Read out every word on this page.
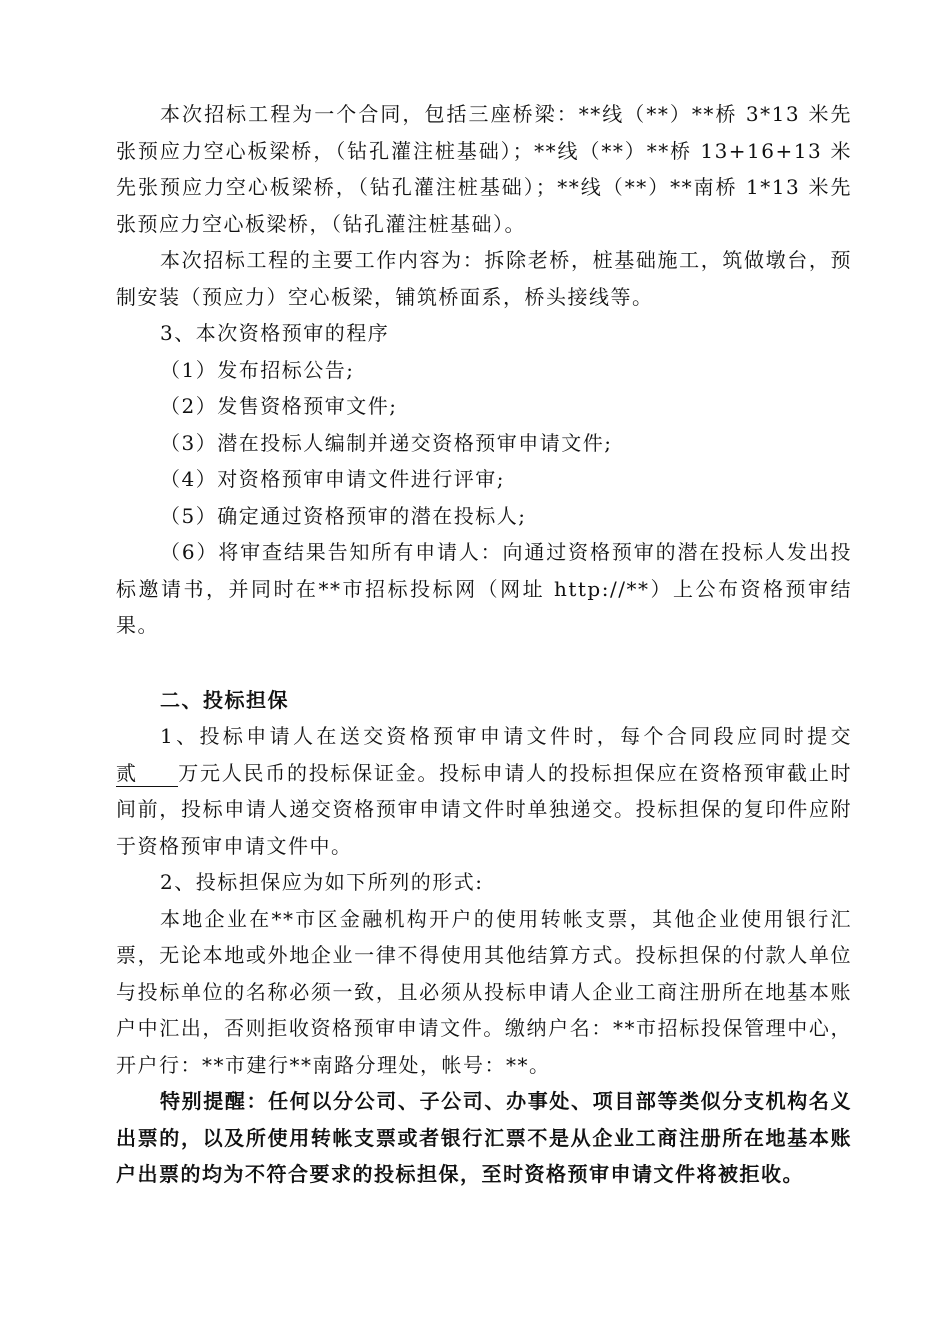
本次招标工程为一个合同，包括三座桥梁：**线（**）**桥 3*13 米先张预应力空心板梁桥，（钻孔灌注桩基础）；**线（**）**桥 13+16+13 米先张预应力空心板梁桥，（钻孔灌注桩基础）；**线（**）**南桥 1*13 米先张预应力空心板梁桥，（钻孔灌注桩基础）。

本次招标工程的主要工作内容为：拆除老桥，桩基础施工，筑做墩台，预制安装（预应力）空心板梁，铺筑桥面系，桥头接线等。

3、本次资格预审的程序

（1）发布招标公告;

（2）发售资格预审文件;

（3）潜在投标人编制并递交资格预审申请文件;

（4）对资格预审申请文件进行评审;

（5）确定通过资格预审的潜在投标人;

（6）将审查结果告知所有申请人：向通过资格预审的潜在投标人发出投标邀请书，并同时在**市招标投标网（网址 http://**）上公布资格预审结果。

二、投标担保

1、投标申请人在送交资格预审申请文件时，每个合同段应同时提交贰 万元人民币的投标保证金。投标申请人的投标担保应在资格预审截止时间前，投标申请人递交资格预审申请文件时单独递交。投标担保的复印件应附于资格预审申请文件中。

2、投标担保应为如下所列的形式:

本地企业在**市区金融机构开户的使用转帐支票，其他企业使用银行汇票，无论本地或外地企业一律不得使用其他结算方式。投标担保的付款人单位与投标单位的名称必须一致，且必须从投标申请人企业工商注册所在地基本账户中汇出，否则拒收资格预审申请文件。缴纳户名：**市招标投保管理中心，开户行：**市建行**南路分理处，帐号：**。

特别提醒：任何以分公司、子公司、办事处、项目部等类似分支机构名义出票的，以及所使用转帐支票或者银行汇票不是从企业工商注册所在地基本账户出票的均为不符合要求的投标担保，至时资格预审申请文件将被拒收。
